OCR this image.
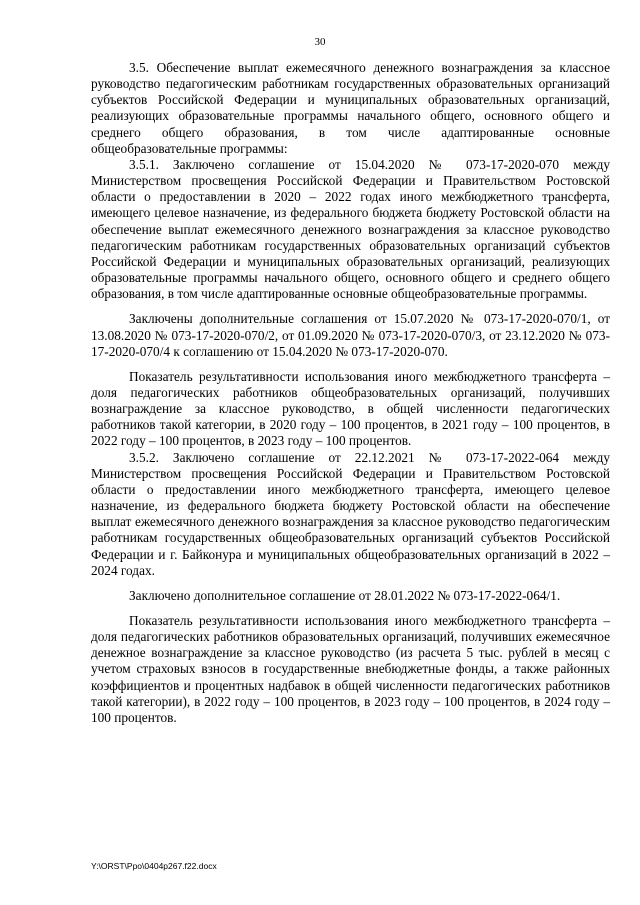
30

3.5. Обеспечение выплат ежемесячного денежного вознаграждения за классное руководство педагогическим работникам государственных образовательных организаций субъектов Российской Федерации и муниципальных образовательных организаций, реализующих образовательные программы начального общего, основного общего и среднего общего образования, в том числе адаптированные основные общеобразовательные программы:

3.5.1. Заключено соглашение от 15.04.2020 № 073-17-2020-070 между Министерством просвещения Российской Федерации и Правительством Ростовской области о предоставлении в 2020 – 2022 годах иного межбюджетного трансферта, имеющего целевое назначение, из федерального бюджета бюджету Ростовской области на обеспечение выплат ежемесячного денежного вознаграждения за классное руководство педагогическим работникам государственных образовательных организаций субъектов Российской Федерации и муниципальных образовательных организаций, реализующих образовательные программы начального общего, основного общего и среднего общего образования, в том числе адаптированные основные общеобразовательные программы.

Заключены дополнительные соглашения от 15.07.2020 № 073-17-2020-070/1, от 13.08.2020 № 073-17-2020-070/2, от 01.09.2020 № 073-17-2020-070/3, от 23.12.2020 № 073-17-2020-070/4 к соглашению от 15.04.2020 № 073-17-2020-070.

Показатель результативности использования иного межбюджетного трансферта – доля педагогических работников общеобразовательных организаций, получивших вознаграждение за классное руководство, в общей численности педагогических работников такой категории, в 2020 году – 100 процентов, в 2021 году – 100 процентов, в 2022 году – 100 процентов, в 2023 году – 100 процентов.

3.5.2. Заключено соглашение от 22.12.2021 № 073-17-2022-064 между Министерством просвещения Российской Федерации и Правительством Ростовской области о предоставлении иного межбюджетного трансферта, имеющего целевое назначение, из федерального бюджета бюджету Ростовской области на обеспечение выплат ежемесячного денежного вознаграждения за классное руководство педагогическим работникам государственных общеобразовательных организаций субъектов Российской Федерации и г. Байконура и муниципальных общеобразовательных организаций в 2022 – 2024 годах.

Заключено дополнительное соглашение от 28.01.2022 № 073-17-2022-064/1.

Показатель результативности использования иного межбюджетного трансферта – доля педагогических работников образовательных организаций, получивших ежемесячное денежное вознаграждение за классное руководство (из расчета 5 тыс. рублей в месяц с учетом страховых взносов в государственные внебюджетные фонды, а также районных коэффициентов и процентных надбавок в общей численности педагогических работников такой категории), в 2022 году – 100 процентов, в 2023 году – 100 процентов, в 2024 году – 100 процентов.

Y:\ORST\Ppo\0404p267.f22.docx
